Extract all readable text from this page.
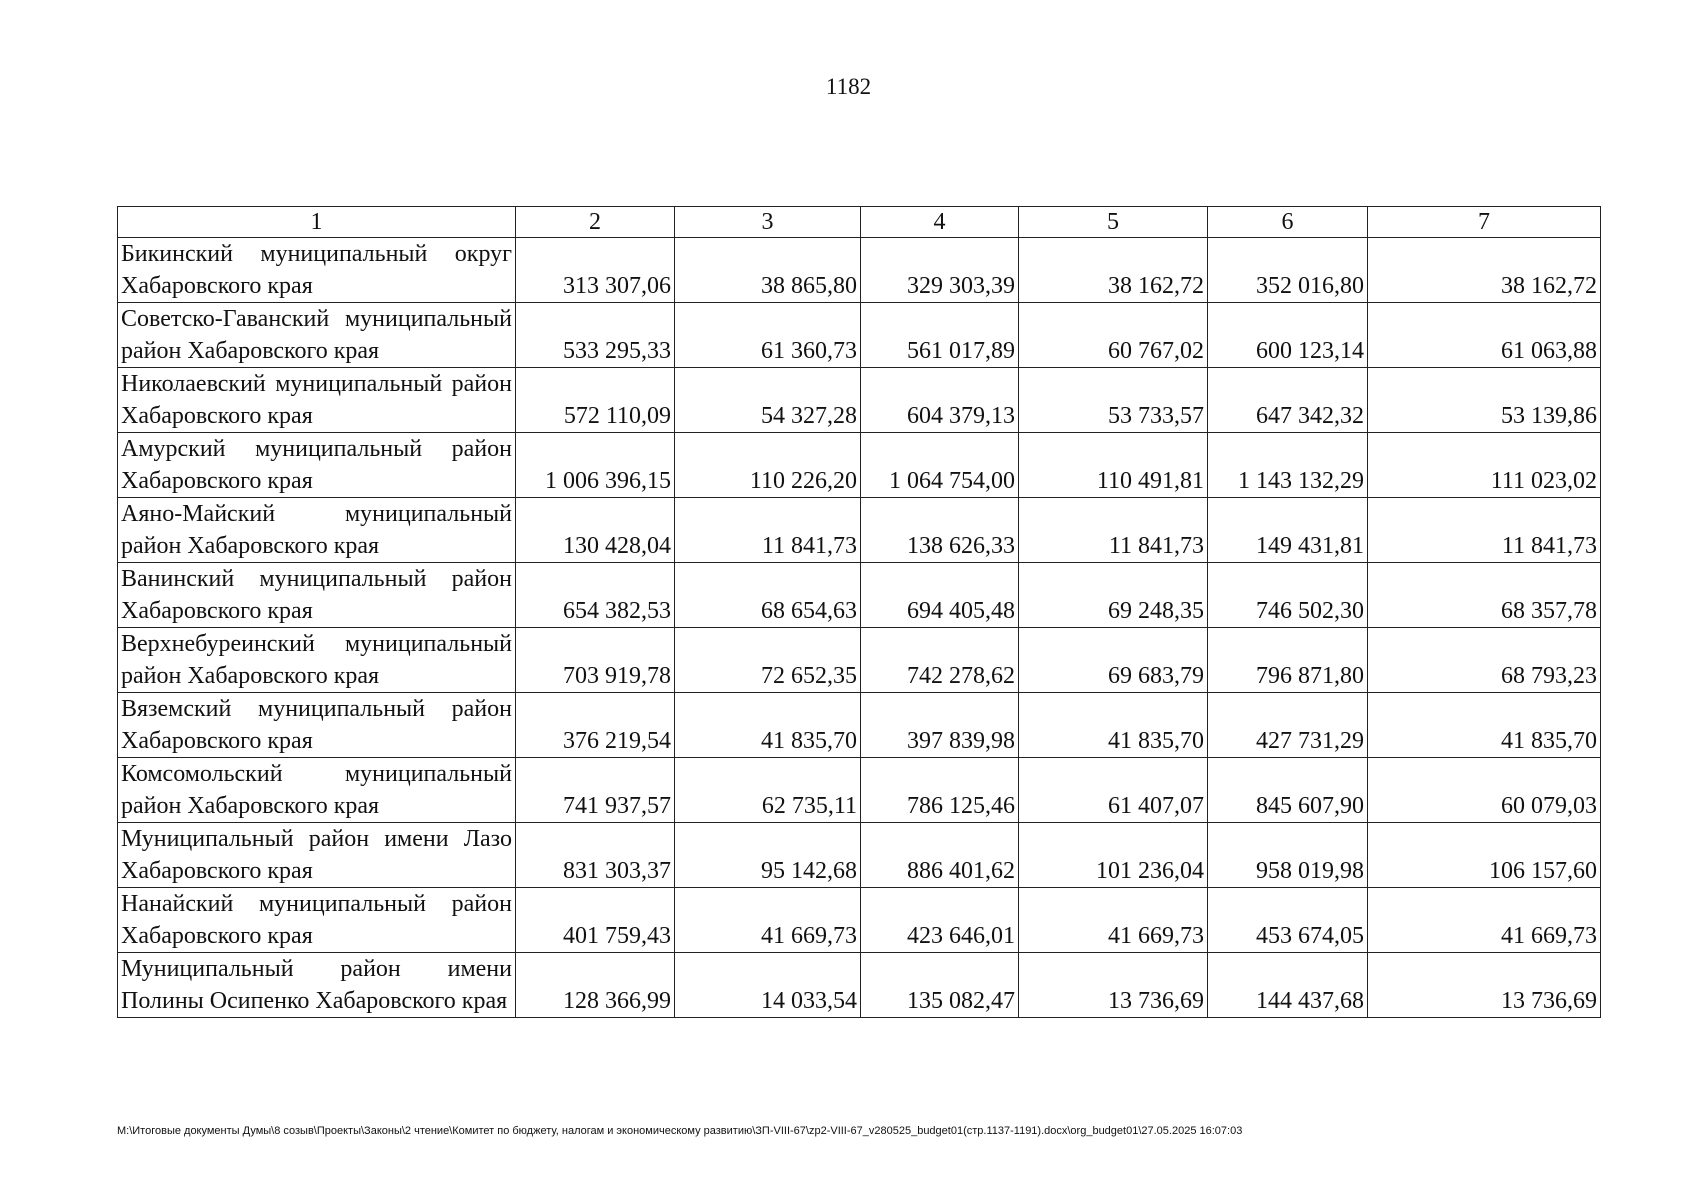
1182
1	2	3	4	5	6	7
Бикинский муниципальный округ Хабаровского края	313 307,06	38 865,80	329 303,39	38 162,72	352 016,80	38 162,72
Советско-Гаванский муниципальный район Хабаровского края	533 295,33	61 360,73	561 017,89	60 767,02	600 123,14	61 063,88
Николаевский муниципальный район Хабаровского края	572 110,09	54 327,28	604 379,13	53 733,57	647 342,32	53 139,86
Амурский муниципальный район Хабаровского края	1 006 396,15	110 226,20	1 064 754,00	110 491,81	1 143 132,29	111 023,02
Аяно-Майский муниципальный район Хабаровского края	130 428,04	11 841,73	138 626,33	11 841,73	149 431,81	11 841,73
Ванинский муниципальный район Хабаровского края	654 382,53	68 654,63	694 405,48	69 248,35	746 502,30	68 357,78
Верхнебуреинский муниципальный район Хабаровского края	703 919,78	72 652,35	742 278,62	69 683,79	796 871,80	68 793,23
Вяземский муниципальный район Хабаровского края	376 219,54	41 835,70	397 839,98	41 835,70	427 731,29	41 835,70
Комсомольский муниципальный район Хабаровского края	741 937,57	62 735,11	786 125,46	61 407,07	845 607,90	60 079,03
Муниципальный район имени Лазо Хабаровского края	831 303,37	95 142,68	886 401,62	101 236,04	958 019,98	106 157,60
Нанайский муниципальный район Хабаровского края	401 759,43	41 669,73	423 646,01	41 669,73	453 674,05	41 669,73
Муниципальный район имени Полины Осипенко Хабаровского края	128 366,99	14 033,54	135 082,47	13 736,69	144 437,68	13 736,69
M:\Итоговые документы Думы\8 созыв\Проекты\Законы\2 чтение\Комитет по бюджету, налогам и экономическому развитию\ЗП-VIII-67\zp2-VIII-67_v280525_budget01(стр.1137-1191).docx\org_budget01\27.05.2025 16:07:03
